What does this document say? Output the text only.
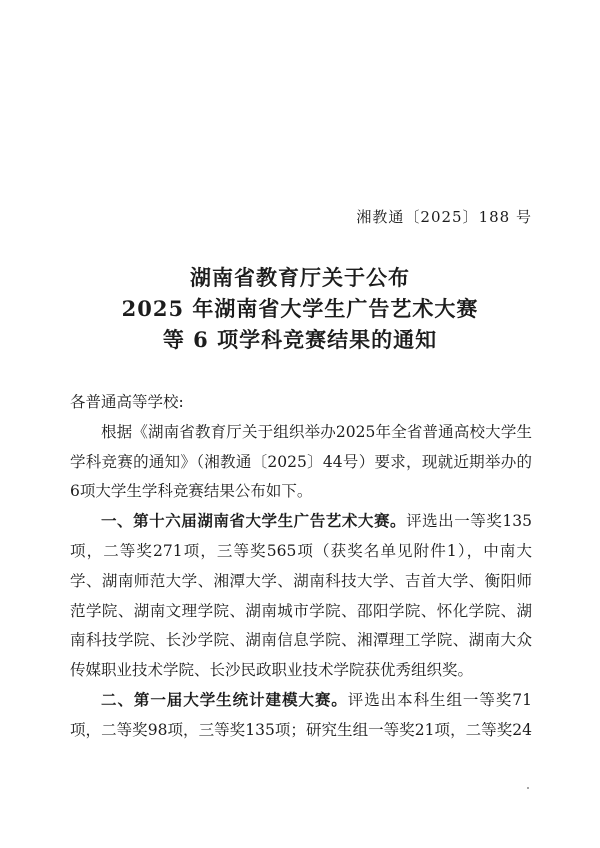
湘教通〔2025〕188 号
湖南省教育厅关于公布
2025 年湖南省大学生广告艺术大赛
等 6 项学科竞赛结果的通知

各普通高等学校:

根据《湖南省教育厅关于组织举办2025年全省普通高校大学生学科竞赛的通知》（湘教通〔2025〕44号）要求，现就近期举办的6项大学生学科竞赛结果公布如下。

一、第十六届湖南省大学生广告艺术大赛。评选出一等奖135项，二等奖271项，三等奖565项（获奖名单见附件1），中南大学、湖南师范大学、湘潭大学、湖南科技大学、吉首大学、衡阳师范学院、湖南文理学院、湖南城市学院、邵阳学院、怀化学院、湖南科技学院、长沙学院、湖南信息学院、湘潭理工学院、湖南大众传媒职业技术学院、长沙民政职业技术学院获优秀组织奖。

二、第一届大学生统计建模大赛。评选出本科生组一等奖71项，二等奖98项，三等奖135项；研究生组一等奖21项，二等奖24
